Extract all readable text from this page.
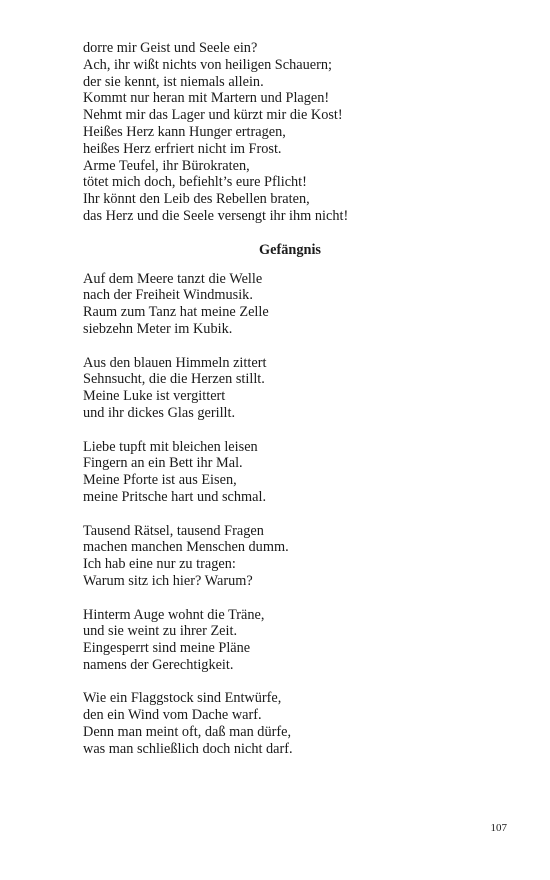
dorre mir Geist und Seele ein?
Ach, ihr wißt nichts von heiligen Schauern;
der sie kennt, ist niemals allein.
Kommt nur heran mit Martern und Plagen!
Nehmt mir das Lager und kürzt mir die Kost!
Heißes Herz kann Hunger ertragen,
heißes Herz erfriert nicht im Frost.
Arme Teufel, ihr Bürokraten,
tötet mich doch, befiehlt’s eure Pflicht!
Ihr könnt den Leib des Rebellen braten,
das Herz und die Seele versengt ihr ihm nicht!
Gefängnis
Auf dem Meere tanzt die Welle
nach der Freiheit Windmusik.
Raum zum Tanz hat meine Zelle
siebzehn Meter im Kubik.
Aus den blauen Himmeln zittert
Sehnsucht, die die Herzen stillt.
Meine Luke ist vergittert
und ihr dickes Glas gerillt.
Liebe tupft mit bleichen leisen
Fingern an ein Bett ihr Mal.
Meine Pforte ist aus Eisen,
meine Pritsche hart und schmal.
Tausend Rätsel, tausend Fragen
machen manchen Menschen dumm.
Ich hab eine nur zu tragen:
Warum sitz ich hier? Warum?
Hinterm Auge wohnt die Träne,
und sie weint zu ihrer Zeit.
Eingesperrt sind meine Pläne
namens der Gerechtigkeit.
Wie ein Flaggstock sind Entwürfe,
den ein Wind vom Dache warf.
Denn man meint oft, daß man dürfe,
was man schließlich doch nicht darf.
107
